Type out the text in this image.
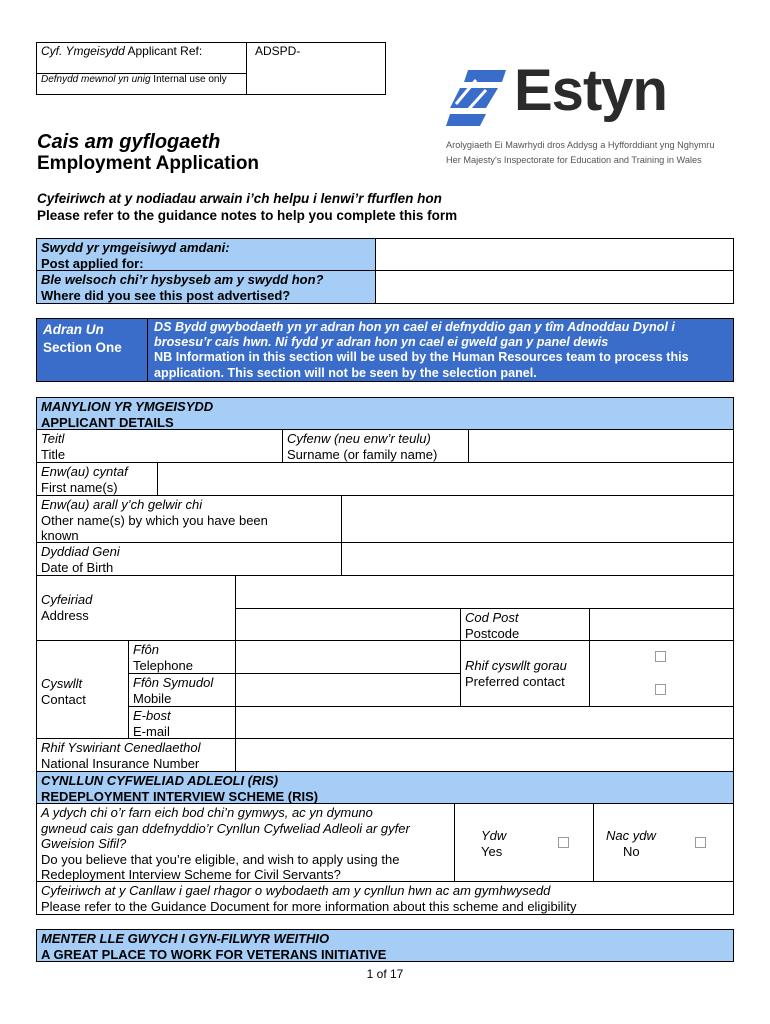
Cyf. Ymgeisydd Applicant Ref:
Defnydd mewnol yn unig Internal use only
ADSPD-
Estyn
Arolygiaeth Ei Mawrhydi dros Addysg a Hyfforddiant yng Nghymru
Her Majesty's Inspectorate for Education and Training in Wales
Cais am gyflogaeth
Employment Application
Cyfeiriwch at y nodiadau arwain i’ch helpu i lenwi’r ffurflen hon
Please refer to the guidance notes to help you complete this form
Swydd yr ymgeisiwyd amdani:
Post applied for:
Ble welsoch chi’r hysbyseb am y swydd hon?
Where did you see this post advertised?
Adran Un
Section One
DS Bydd gwybodaeth yn yr adran hon yn cael ei defnyddio gan y tîm Adnoddau Dynol i brosesu’r cais hwn. Ni fydd yr adran hon yn cael ei gweld gan y panel dewis
NB Information in this section will be used by the Human Resources team to process this application. This section will not be seen by the selection panel.
MANYLION YR YMGEISYDD
APPLICANT DETAILS
Teitl
Title
Cyfenw (neu enw’r teulu)
Surname (or family name)
Enw(au) cyntaf
First name(s)
Enw(au) arall y’ch gelwir chi
Other name(s) by which you have been
known
Dyddiad Geni
Date of Birth
Cyfeiriad
Address	Cod Post
Postcode
Cyswllt
Contact
Ffôn
Telephone
Ffôn Symudol
Mobile
E-bost
E-mail
Rhif cyswllt gorau
Preferred contact
Rhif Yswiriant Cenedlaethol
National Insurance Number
CYNLLUN CYFWELIAD ADLEOLI (RIS)
REDEPLOYMENT INTERVIEW SCHEME (RIS)
A ydych chi o’r farn eich bod chi’n gymwys, ac yn dymuno
gwneud cais gan ddefnyddio’r Cynllun Cyfweliad Adleoli ar gyfer
Gweision Sifil?
Do you believe that you’re eligible, and wish to apply using the
Redeployment Interview Scheme for Civil Servants?
Ydw
Yes
Nac ydw
No
Cyfeiriwch at y Canllaw i gael rhagor o wybodaeth am y cynllun hwn ac am gymhwysedd
Please refer to the Guidance Document for more information about this scheme and eligibility
MENTER LLE GWYCH I GYN-FILWYR WEITHIO
A GREAT PLACE TO WORK FOR VETERANS INITIATIVE
1 of 17
